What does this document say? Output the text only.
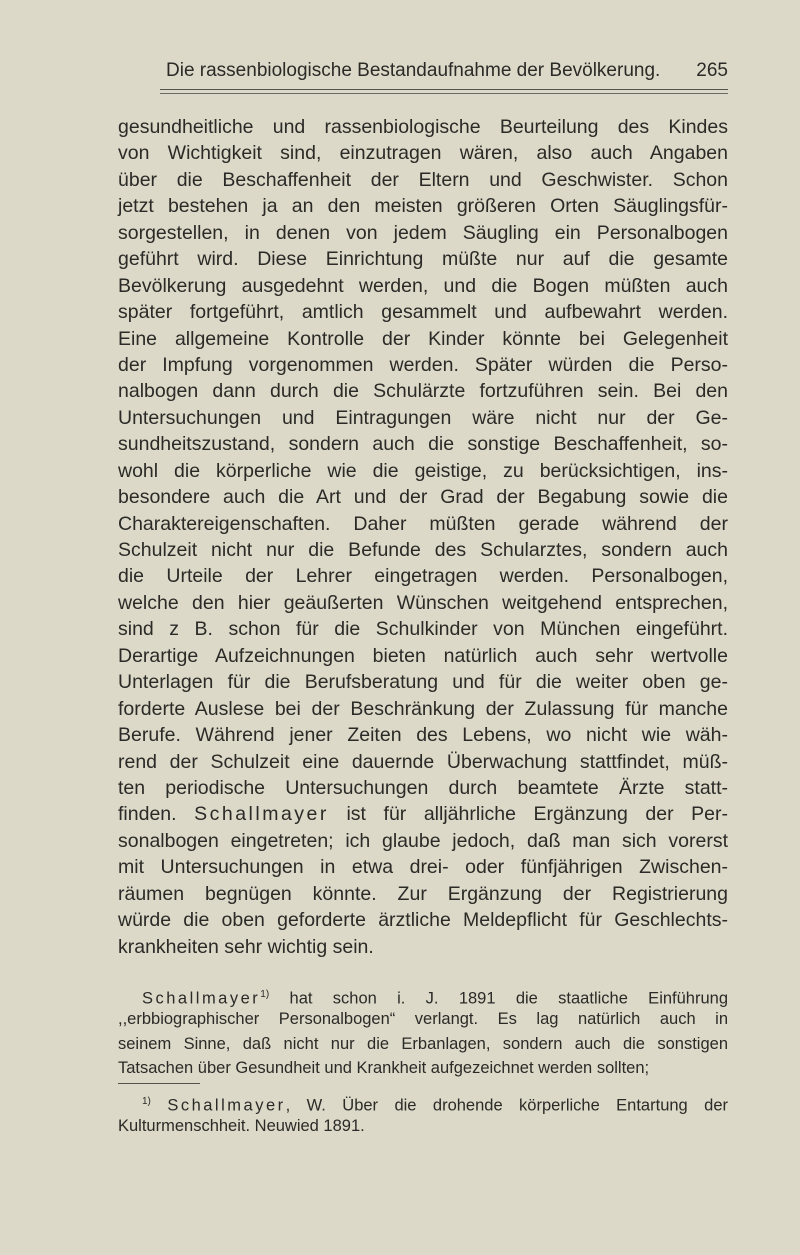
Die rassenbiologische Bestandaufnahme der Bevölkerung. 265
gesundheitliche und rassenbiologische Beurteilung des Kindes
von Wichtigkeit sind, einzutragen wären, also auch Angaben
über die Beschaffenheit der Eltern und Geschwister. Schon
jetzt bestehen ja an den meisten größeren Orten Säuglingsfür-
sorgestellen, in denen von jedem Säugling ein Personalbogen
geführt wird. Diese Einrichtung müßte nur auf die gesamte
Bevölkerung ausgedehnt werden, und die Bogen müßten auch
später fortgeführt, amtlich gesammelt und aufbewahrt werden.
Eine allgemeine Kontrolle der Kinder könnte bei Gelegenheit
der Impfung vorgenommen werden. Später würden die Perso-
nalbogen dann durch die Schulärzte fortzuführen sein. Bei den
Untersuchungen und Eintragungen wäre nicht nur der Ge-
sundheitszustand, sondern auch die sonstige Beschaffenheit, so-
wohl die körperliche wie die geistige, zu berücksichtigen, ins-
besondere auch die Art und der Grad der Begabung sowie die
Charaktereigenschaften. Daher müßten gerade während der
Schulzeit nicht nur die Befunde des Schularztes, sondern auch
die Urteile der Lehrer eingetragen werden. Personalbogen,
welche den hier geäußerten Wünschen weitgehend entsprechen,
sind z B. schon für die Schulkinder von München eingeführt.
Derartige Aufzeichnungen bieten natürlich auch sehr wertvolle
Unterlagen für die Berufsberatung und für die weiter oben ge-
forderte Auslese bei der Beschränkung der Zulassung für manche
Berufe. Während jener Zeiten des Lebens, wo nicht wie wäh-
rend der Schulzeit eine dauernde Überwachung stattfindet, müß-
ten periodische Untersuchungen durch beamtete Ärzte statt-
finden. Schallmayer ist für alljährliche Ergänzung der Per-
sonalbogen eingetreten; ich glaube jedoch, daß man sich vorerst
mit Untersuchungen in etwa drei- oder fünfjährigen Zwischen-
räumen begnügen könnte. Zur Ergänzung der Registrierung
würde die oben geforderte ärztliche Meldepflicht für Geschlechts-
krankheiten sehr wichtig sein.
Schallmayer$^{1)}$ hat schon i. J. 1891 die staatliche Einführung
,,erbbiographischer Personalbogen“ verlangt. Es lag natürlich auch in
seinem Sinne, daß nicht nur die Erbanlagen, sondern auch die sonstigen
Tatsachen über Gesundheit und Krankheit aufgezeichnet werden sollten;
$^{1)}$ Schallmayer, W. Über die drohende körperliche Entartung der
Kulturmenschheit. Neuwied 1891.
